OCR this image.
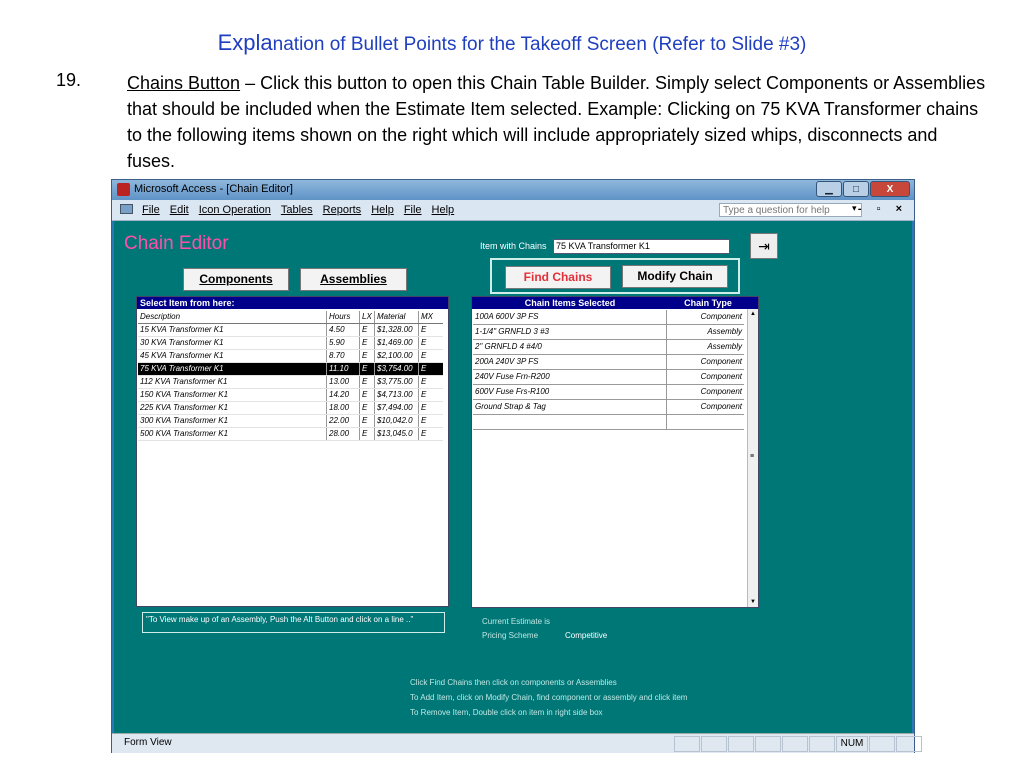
Explanation of Bullet Points for the Takeoff Screen (Refer to Slide #3)
19.	Chains Button – Click this button to open this Chain Table Builder. Simply select Components or Assemblies that should be included when the Estimate Item selected. Example: Clicking on 75 KVA Transformer chains to the following items shown on the right which will include appropriately sized whips, disconnects and fuses.
Microsoft Access - [Chain Editor]	▁	□	X
File Edit Icon Operation Tables Reports Help File Help	Type a question for help	▾ - ▫ ×
Chain Editor
Components	Assemblies
Item with Chains	75 KVA Transformer K1	⇥
Find Chains	Modify Chain
Select Item from here:
Description	Hours	LX Material	MX
15 KVA Transformer K1	4.50	E	$1,328.00	E
30 KVA Transformer K1	5.90	E	$1,469.00	E
45 KVA Transformer K1	8.70	E	$2,100.00	E
75 KVA Transformer K1	11.10	E	$3,754.00	E
112 KVA Transformer K1	13.00	E	$3,775.00	E
150 KVA Transformer K1	14.20	E	$4,713.00	E
225 KVA Transformer K1	18.00	E	$7,494.00	E
300 KVA Transformer K1	22.00	E	$10,042.0	E
500 KVA Transformer K1	28.00	E	$13,045.0	E
Chain Items Selected	Chain Type
100A 600V 3P FS	Component
1-1/4" GRNFLD 3 #3	Assembly
2" GRNFLD 4 #4/0	Assembly
200A 240V 3P FS	Component
240V Fuse Frn-R200	Component
600V Fuse Frs-R100	Component
Ground Strap & Tag	Component
▲
≡
▼
"To View make up of an Assembly, Push the Alt Button and click on a line .."	Current Estimate is
Pricing Scheme	Competitive
Click Find Chains then click on components or Assemblies
To Add Item, click on Modify Chain, find component or assembly and click item
To Remove Item, Double click on item in right side box
Form View	NUM
